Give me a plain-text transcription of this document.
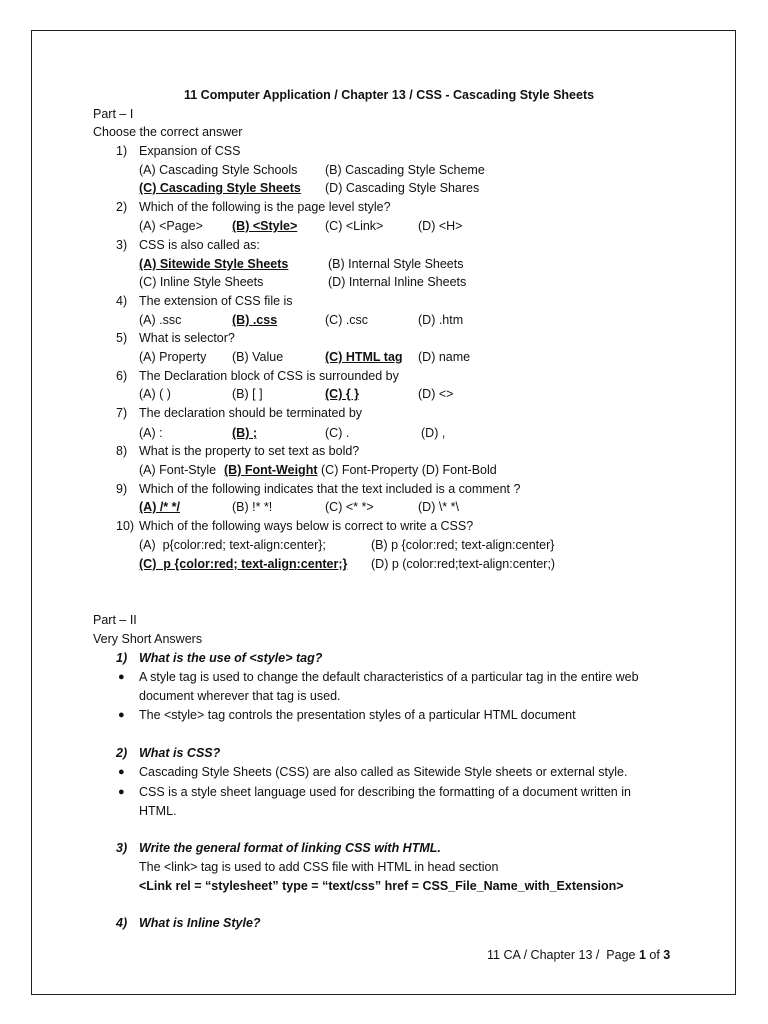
11 Computer Application / Chapter 13 / CSS - Cascading Style Sheets
Part – I
Choose the correct answer
1) Expansion of CSS
(A) Cascading Style Schools (B) Cascading Style Scheme
(C) Cascading Style Sheets (D) Cascading Style Shares
2) Which of the following is the page level style?
(A) <Page> (B) <Style> (C) <Link>	(D) <H>
3) CSS is also called as:
(A) Sitewide Style Sheets	(B) Internal Style Sheets
(C) Inline Style Sheets	(D) Internal Inline Sheets
4) The extension of CSS file is
(A) .ssc	(B) .css	(C) .csc	(D) .htm
5) What is selector?
(A) Property (B) Value	(C) HTML tag (D) name
6) The Declaration block of CSS is surrounded by
(A) ( )	(B) [ ]	(C) { }	(D) <>
7) The declaration should be terminated by
(A) :	(B) ;	(C) .	(D) ,
8) What is the property to set text as bold?
(A) Font-Style (B) Font-Weight (C) Font-Property (D) Font-Bold
9) Which of the following indicates that the text included is a comment ?
(A) /* */	(B) !* *!	(C) <* *>	(D) \* *\
10) Which of the following ways below is correct to write a CSS?
(A)  p{color:red; text-align:center};	(B) p {color:red; text-align:center}
(C)  p {color:red; text-align:center;} (D) p (color:red;text-align:center;)
Part – II
Very Short Answers
1) What is the use of <style> tag?
● A style tag is used to change the default characteristics of a particular tag in the entire web
document wherever that tag is used.
● The <style> tag controls the presentation styles of a particular HTML document
2) What is CSS?
● Cascading Style Sheets (CSS) are also called as Sitewide Style sheets or external style.
● CSS is a style sheet language used for describing the formatting of a document written in
HTML.
3) Write the general format of linking CSS with HTML.
The <link> tag is used to add CSS file with HTML in head section
<Link rel = “stylesheet” type = “text/css” href = CSS_File_Name_with_Extension>
4) What is Inline Style?
11 CA / Chapter 13 /  Page 1 of 3
